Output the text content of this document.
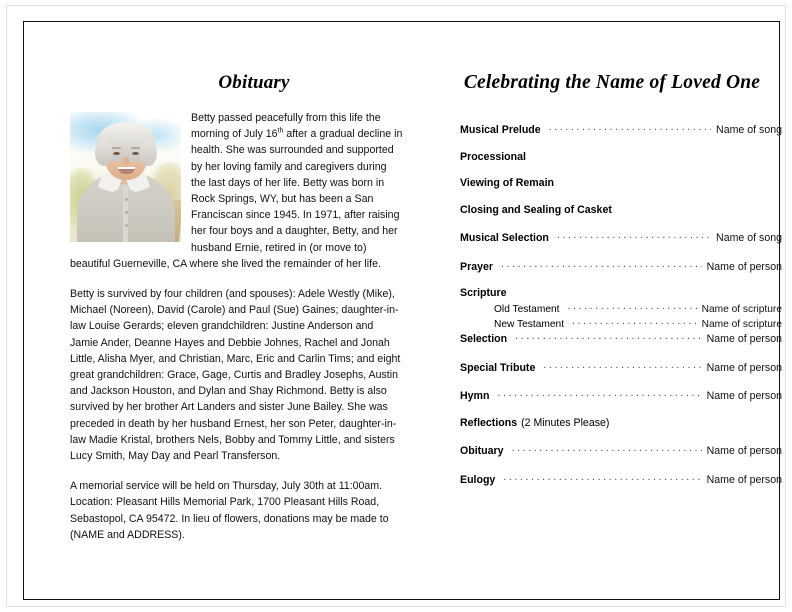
Obituary

Betty passed peacefully from this life the morning of July 16th after a gradual decline in health. She was surrounded and supported by her loving family and caregivers during the last days of her life. Betty was born in Rock Springs, WY, but has been a San Franciscan since 1945. In 1971, after raising her four boys and a daughter, Betty, and her husband Ernie, retired in (or move to) beautiful Guerneville, CA where she lived the remainder of her life.

Betty is survived by four children (and spouses): Adele Westly (Mike), Michael (Noreen), David (Carole) and Paul (Sue) Gaines; daughter-in-law Louise Gerards; eleven grandchildren: Justine Anderson and Jamie Ander, Deanne Hayes and Debbie Johnes, Rachel and Jonah Little, Alisha Myer, and Christian, Marc, Eric and Carlin Tims; and eight great grandchildren: Grace, Gage, Curtis and Bradley Josephs, Austin and Jackson Houston, and Dylan and Shay Richmond. Betty is also survived by her brother Art Landers and sister June Bailey. She was preceded in death by her husband Ernest, her son Peter, daughter-in-law Madie Kristal, brothers Nels, Bobby and Tommy Little, and sisters Lucy Smith, May Day and Pearl Transferson.

A memorial service will be held on Thursday, July 30th at 11:00am. Location: Pleasant Hills Memorial Park, 1700 Pleasant Hills Road, Sebastopol, CA 95472. In lieu of flowers, donations may be made to (NAME and ADDRESS).

Celebrating the Name of Loved One
Musical Prelude .....	Name of song
Processional
Viewing of Remain
Closing and Sealing of Casket
Musical Selection .....	Name of song
Prayer .....	Name of person
Scripture
Old Testament .....	Name of scripture
New Testament .....	Name of scripture
Selection .....	Name of person
Special Tribute .....	Name of person
Hymn .....	Name of person
Reflections (2 Minutes Please)
Obituary .....	Name of person
Eulogy .....	Name of person
